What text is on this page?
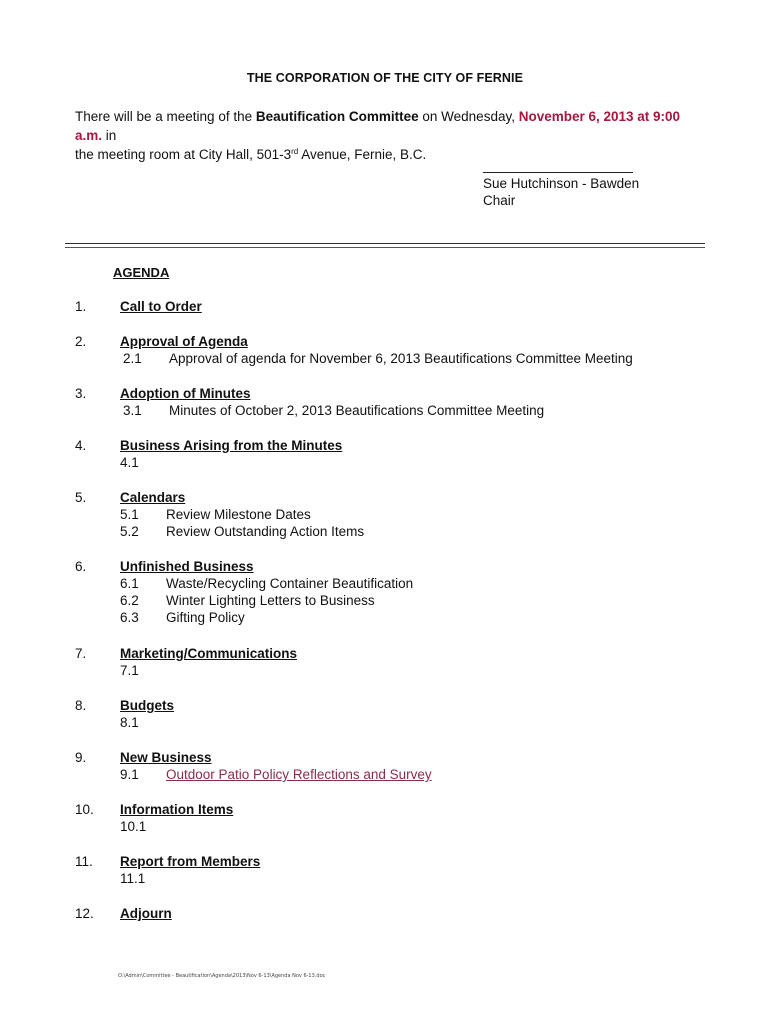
THE CORPORATION OF THE CITY OF FERNIE
There will be a meeting of the Beautification Committee on Wednesday, November 6, 2013 at 9:00 a.m. in
the meeting room at City Hall, 501-3rd Avenue, Fernie, B.C.
Sue Hutchinson - Bawden
Chair
AGENDA
1. Call to Order
2. Approval of Agenda
2.1 Approval of agenda for November 6, 2013 Beautifications Committee Meeting
3. Adoption of Minutes
3.1 Minutes of October 2, 2013 Beautifications Committee Meeting
4. Business Arising from the Minutes
4.1
5. Calendars
5.1 Review Milestone Dates
5.2 Review Outstanding Action Items
6. Unfinished Business
6.1 Waste/Recycling Container Beautification
6.2 Winter Lighting Letters to Business
6.3 Gifting Policy
7. Marketing/Communications
7.1
8. Budgets
8.1
9. New Business
9.1 Outdoor Patio Policy Reflections and Survey
10. Information Items
10.1
11. Report from Members
11.1
12. Adjourn
O:\Admin\Committee - Beautification\Agenda\2013\Nov 6-13\Agenda Nov 6-13.doc
